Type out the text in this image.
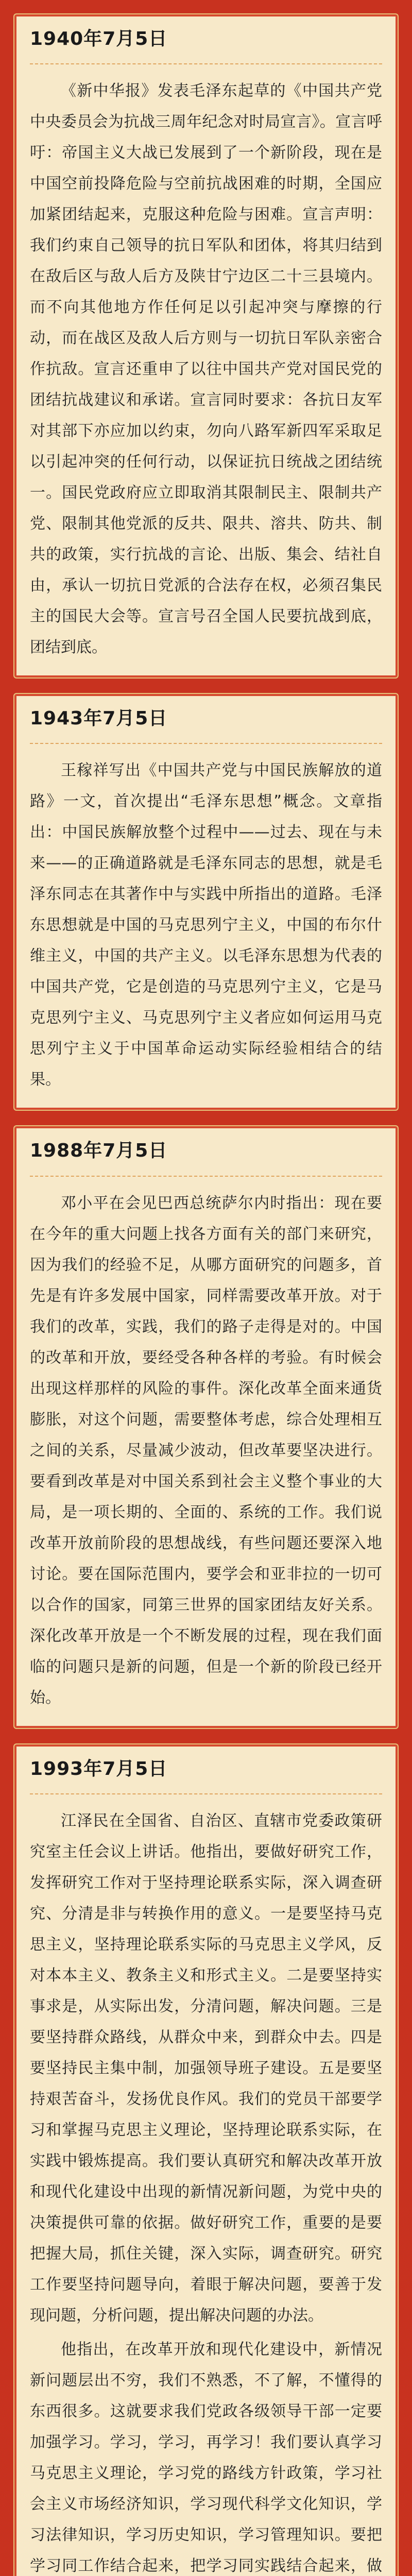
1940年7月5日

《新中华报》发表毛泽东起草的《中国共产党中央委员会为抗战三周年纪念对时局宣言》。宣言呼吁：帝国主义大战已发展到了一个新阶段，现在是中国空前投降危险与空前抗战困难的时期，全国应加紧团结起来，克服这种危险与困难。宣言声明：我们约束自己领导的抗日军队和团体，将其归结到在敌后区与敌人后方及陕甘宁边区二十三县境内。而不向其他地方作任何足以引起冲突与摩擦的行动，而在战区及敌人后方则与一切抗日军队亲密合作抗敌。宣言还重申了以往中国共产党对国民党的团结抗战建议和承诺。宣言同时要求：各抗日友军对其部下亦应加以约束，勿向八路军新四军采取足以引起冲突的任何行动，以保证抗日统战之团结统一。国民党政府应立即取消其限制民主、限制共产党、限制其他党派的反共、限共、溶共、防共、制共的政策，实行抗战的言论、出版、集会、结社自由，承认一切抗日党派的合法存在权，必须召集民主的国民大会等。宣言号召全国人民要抗战到底，团结到底。

1943年7月5日

王稼祥写出《中国共产党与中国民族解放的道路》一文，首次提出“毛泽东思想”概念。文章指出：中国民族解放整个过程中——过去、现在与未来——的正确道路就是毛泽东同志的思想，就是毛泽东同志在其著作中与实践中所指出的道路。毛泽东思想就是中国的马克思列宁主义，中国的布尔什维主义，中国的共产主义。以毛泽东思想为代表的中国共产党，它是创造的马克思列宁主义，它是马克思列宁主义、马克思列宁主义者应如何运用马克思列宁主义于中国革命运动实际经验相结合的结果。

1988年7月5日

邓小平在会见巴西总统萨尔内时指出：现在要在今年的重大问题上找各方面有关的部门来研究，因为我们的经验不足，从哪方面研究的问题多，首先是有许多发展中国家，同样需要改革开放。对于我们的改革，实践，我们的路子走得是对的。中国的改革和开放，要经受各种各样的考验。有时候会出现这样那样的风险的事件。深化改革全面来通货膨胀，对这个问题，需要整体考虑，综合处理相互之间的关系，尽量减少波动，但改革要坚决进行。要看到改革是对中国关系到社会主义整个事业的大局，是一项长期的、全面的、系统的工作。我们说改革开放前阶段的思想战线，有些问题还要深入地讨论。要在国际范围内，要学会和亚非拉的一切可以合作的国家，同第三世界的国家团结友好关系。深化改革开放是一个不断发展的过程，现在我们面临的问题只是新的问题，但是一个新的阶段已经开始。

1993年7月5日

江泽民在全国省、自治区、直辖市党委政策研究室主任会议上讲话。他指出，要做好研究工作，发挥研究工作对于坚持理论联系实际，深入调查研究、分清是非与转换作用的意义。一是要坚持马克思主义，坚持理论联系实际的马克思主义学风，反对本本主义、教条主义和形式主义。二是要坚持实事求是，从实际出发，分清问题，解决问题。三是要坚持群众路线，从群众中来，到群众中去。四是要坚持民主集中制，加强领导班子建设。五是要坚持艰苦奋斗，发扬优良作风。我们的党员干部要学习和掌握马克思主义理论，坚持理论联系实际，在实践中锻炼提高。我们要认真研究和解决改革开放和现代化建设中出现的新情况新问题，为党中央的决策提供可靠的依据。做好研究工作，重要的是要把握大局，抓住关键，深入实际，调查研究。研究工作要坚持问题导向，着眼于解决问题，要善于发现问题，分析问题，提出解决问题的办法。

他指出，在改革开放和现代化建设中，新情况新问题层出不穷，我们不熟悉，不了解，不懂得的东西很多。这就要求我们党政各级领导干部一定要加强学习。学习，学习，再学习！我们要认真学习马克思主义理论，学习党的路线方针政策，学习社会主义市场经济知识，学习现代科学文化知识，学习法律知识，学习历史知识，学习管理知识。要把学习同工作结合起来，把学习同实践结合起来，做
